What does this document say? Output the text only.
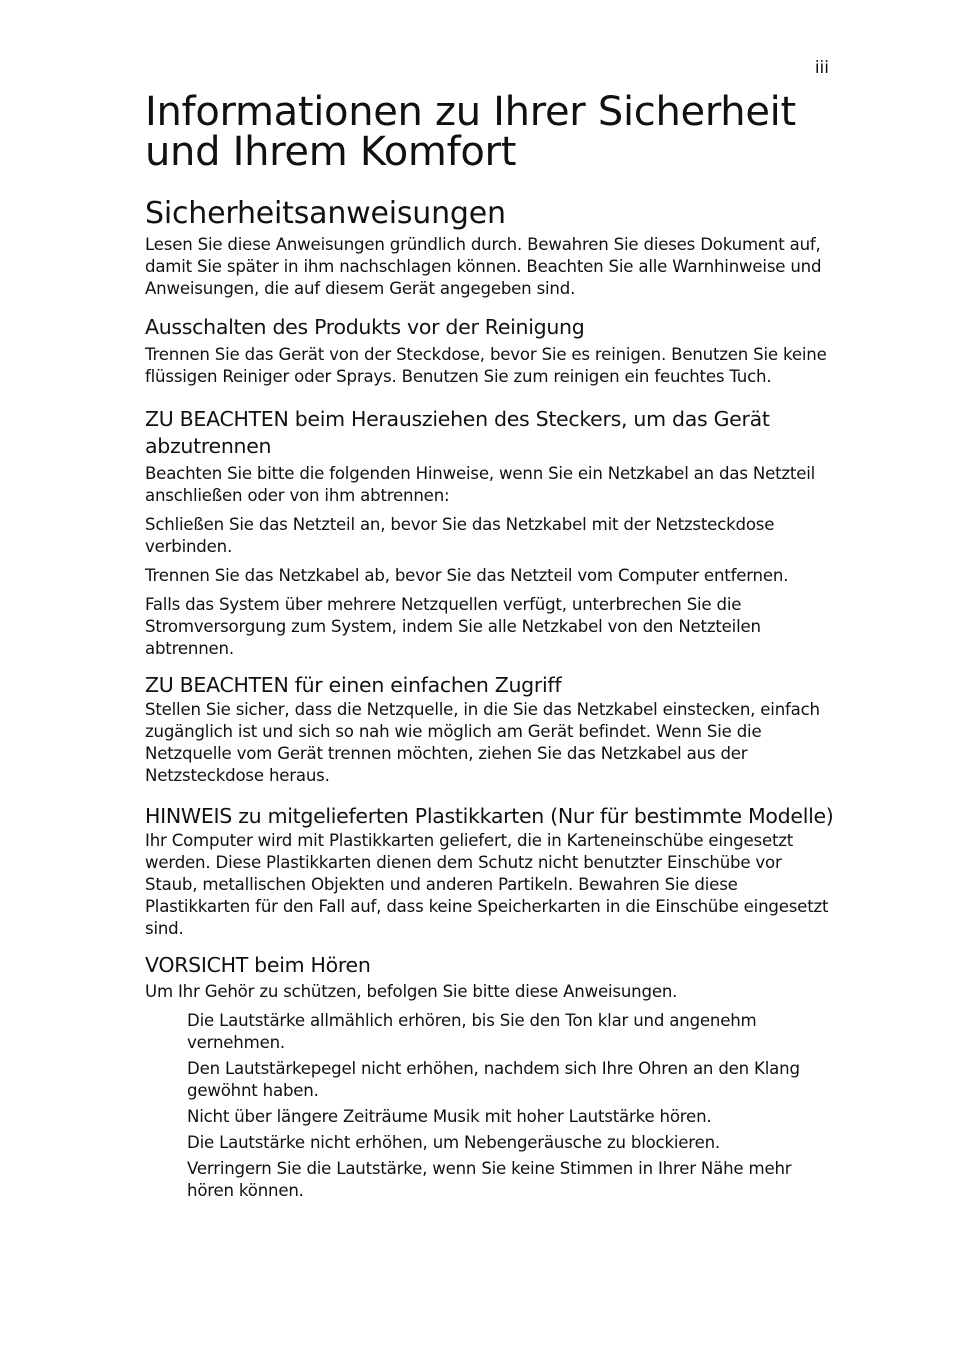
iii
Informationen zu Ihrer Sicherheit und Ihrem Komfort
Sicherheitsanweisungen

Lesen Sie diese Anweisungen gründlich durch. Bewahren Sie dieses Dokument auf, damit Sie später in ihm nachschlagen können. Beachten Sie alle Warnhinweise und Anweisungen, die auf diesem Gerät angegeben sind.

Ausschalten des Produkts vor der Reinigung

Trennen Sie das Gerät von der Steckdose, bevor Sie es reinigen. Benutzen Sie keine flüssigen Reiniger oder Sprays. Benutzen Sie zum reinigen ein feuchtes Tuch.

ZU BEACHTEN beim Herausziehen des Steckers, um das Gerät abzutrennen

Beachten Sie bitte die folgenden Hinweise, wenn Sie ein Netzkabel an das Netzteil anschließen oder von ihm abtrennen:

Schließen Sie das Netzteil an, bevor Sie das Netzkabel mit der Netzsteckdose verbinden.

Trennen Sie das Netzkabel ab, bevor Sie das Netzteil vom Computer entfernen.

Falls das System über mehrere Netzquellen verfügt, unterbrechen Sie die Stromversorgung zum System, indem Sie alle Netzkabel von den Netzteilen abtrennen.

ZU BEACHTEN für einen einfachen Zugriff

Stellen Sie sicher, dass die Netzquelle, in die Sie das Netzkabel einstecken, einfach zugänglich ist und sich so nah wie möglich am Gerät befindet. Wenn Sie die Netzquelle vom Gerät trennen möchten, ziehen Sie das Netzkabel aus der Netzsteckdose heraus.

HINWEIS zu mitgelieferten Plastikkarten (Nur für bestimmte Modelle)

Ihr Computer wird mit Plastikkarten geliefert, die in Karteneinschübe eingesetzt werden. Diese Plastikkarten dienen dem Schutz nicht benutzter Einschübe vor Staub, metallischen Objekten und anderen Partikeln. Bewahren Sie diese Plastikkarten für den Fall auf, dass keine Speicherkarten in die Einschübe eingesetzt sind.

VORSICHT beim Hören

Um Ihr Gehör zu schützen, befolgen Sie bitte diese Anweisungen.

Die Lautstärke allmählich erhören, bis Sie den Ton klar und angenehm vernehmen.
Den Lautstärkepegel nicht erhöhen, nachdem sich Ihre Ohren an den Klang gewöhnt haben.
Nicht über längere Zeiträume Musik mit hoher Lautstärke hören.
Die Lautstärke nicht erhöhen, um Nebengeräusche zu blockieren.
Verringern Sie die Lautstärke, wenn Sie keine Stimmen in Ihrer Nähe mehr hören können.
